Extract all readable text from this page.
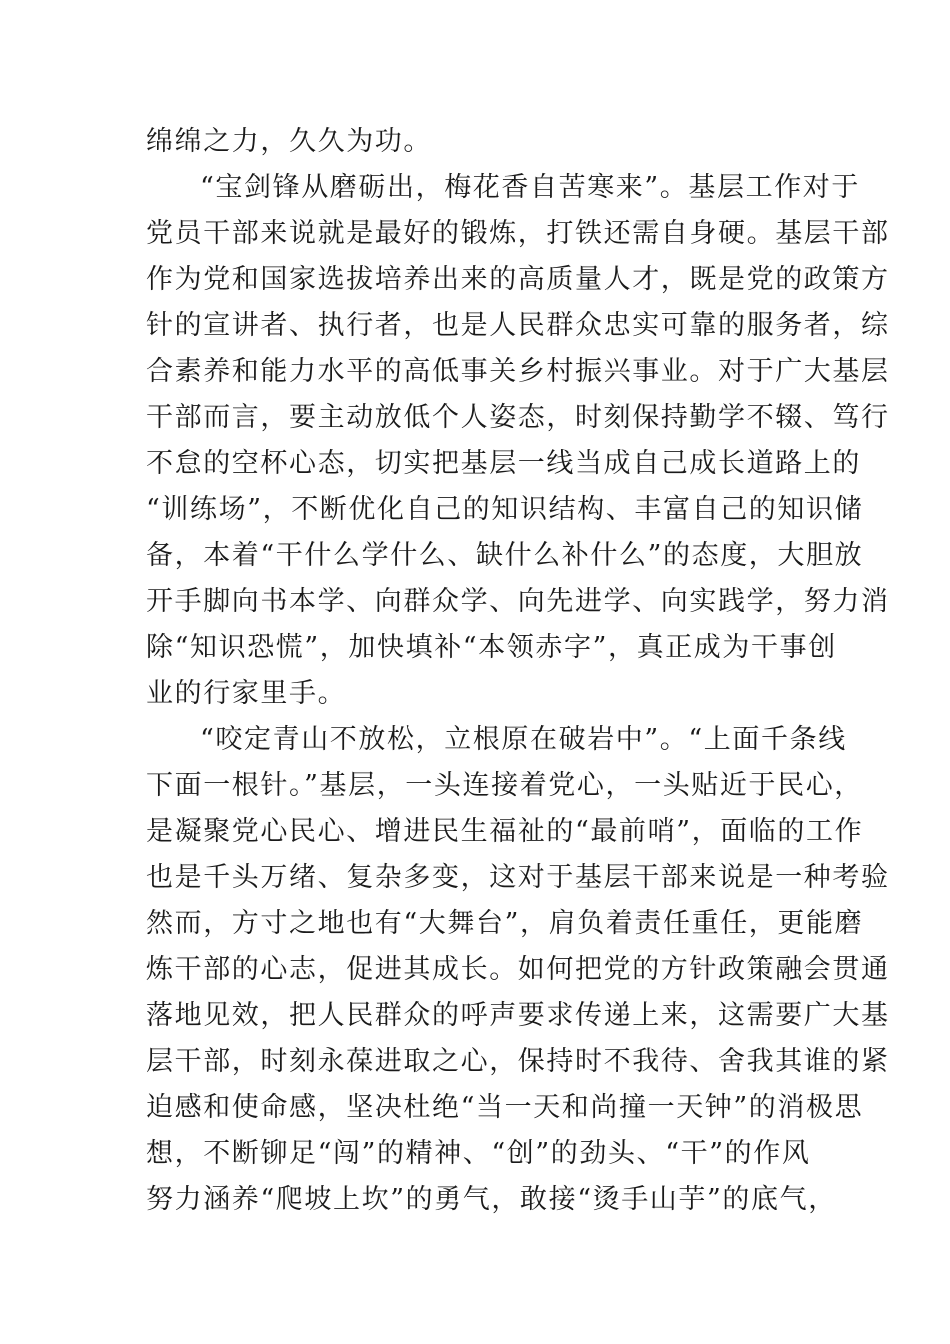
绵绵之力，久久为功。
“宝剑锋从磨砺出，梅花香自苦寒来”。基层工作对于
党员干部来说就是最好的锻炼，打铁还需自身硬。基层干部
作为党和国家选拔培养出来的高质量人才，既是党的政策方
针的宣讲者、执行者，也是人民群众忠实可靠的服务者，综
合素养和能力水平的高低事关乡村振兴事业。对于广大基层
干部而言，要主动放低个人姿态，时刻保持勤学不辍、笃行
不怠的空杯心态，切实把基层一线当成自己成长道路上的
“训练场”，不断优化自己的知识结构、丰富自己的知识储
备，本着“干什么学什么、缺什么补什么”的态度，大胆放
开手脚向书本学、向群众学、向先进学、向实践学，努力消
除“知识恐慌”，加快填补“本领赤字”，真正成为干事创
业的行家里手。
“咬定青山不放松，立根原在破岩中”。“上面千条线
下面一根针。”基层，一头连接着党心，一头贴近于民心，
是凝聚党心民心、增进民生福祉的“最前哨”，面临的工作
也是千头万绪、复杂多变，这对于基层干部来说是一种考验
然而，方寸之地也有“大舞台”，肩负着责任重任，更能磨
炼干部的心志，促进其成长。如何把党的方针政策融会贯通
落地见效，把人民群众的呼声要求传递上来，这需要广大基
层干部，时刻永葆进取之心，保持时不我待、舍我其谁的紧
迫感和使命感，坚决杜绝“当一天和尚撞一天钟”的消极思
想，不断铆足“闯”的精神、“创”的劲头、“干”的作风
努力涵养“爬坡上坎”的勇气，敢接“烫手山芋”的底气，
